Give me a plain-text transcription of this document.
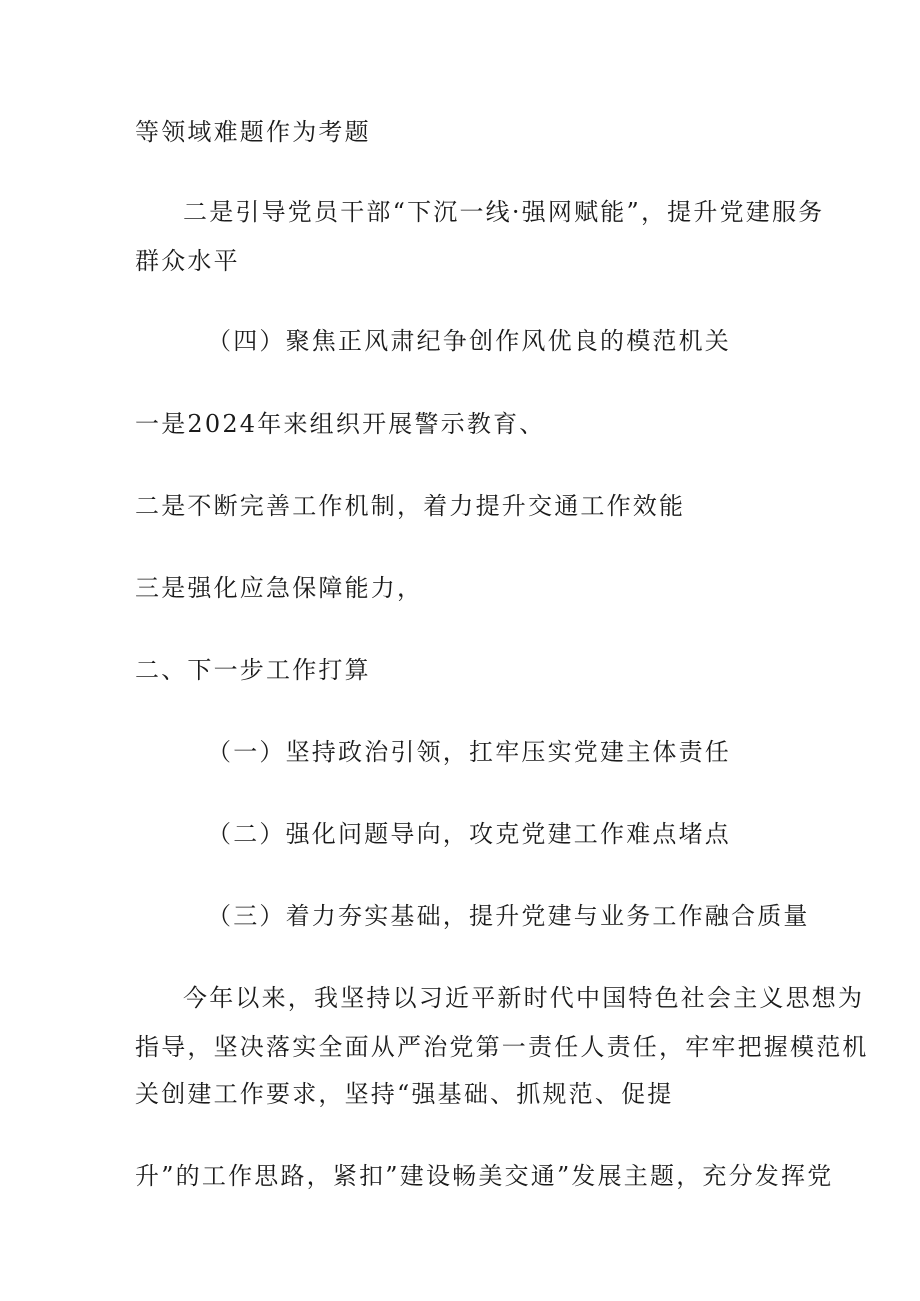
等领域难题作为考题
二是引导党员干部“下沉一线·强网赋能”，提升党建服务
群众水平
（四）聚焦正风肃纪争创作风优良的模范机关
一是2024年来组织开展警示教育、
二是不断完善工作机制，着力提升交通工作效能
三是强化应急保障能力，
二、下一步工作打算
（一）坚持政治引领，扛牢压实党建主体责任
（二）强化问题导向，攻克党建工作难点堵点
（三）着力夯实基础，提升党建与业务工作融合质量
今年以来，我坚持以习近平新时代中国特色社会主义思想为
指导，坚决落实全面从严治党第一责任人责任，牢牢把握模范机
关创建工作要求，坚持“强基础、抓规范、促提
升”的工作思路，紧扣”建设畅美交通”发展主题，充分发挥党
